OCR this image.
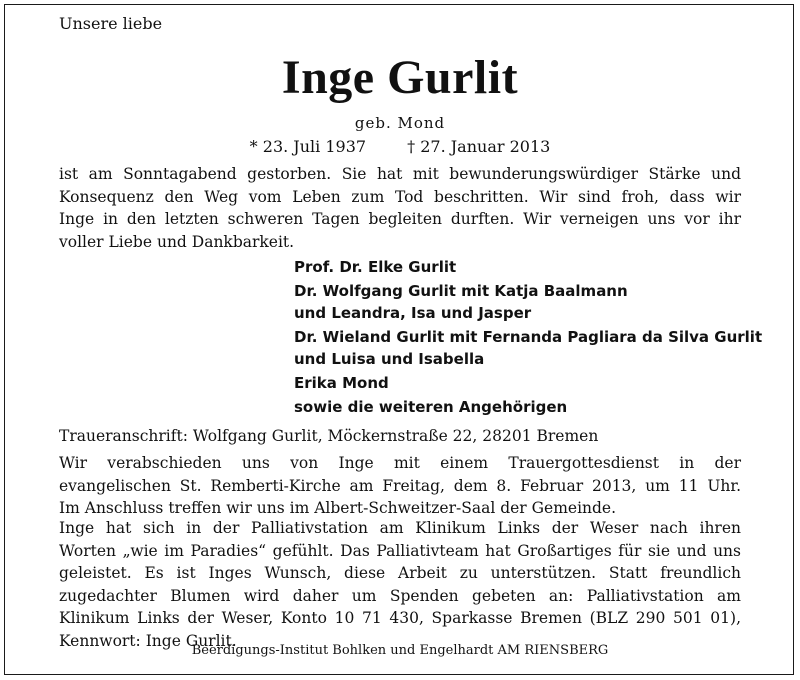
Unsere liebe
Inge Gurlit
geb. Mond
* 23. Juli 1937	† 27. Januar 2013
ist am Sonntagabend gestorben. Sie hat mit bewunderungswürdiger Stärke und
Konsequenz den Weg vom Leben zum Tod beschritten. Wir sind froh, dass wir
Inge in den letzten schweren Tagen begleiten durften. Wir verneigen uns vor ihr
voller Liebe und Dankbarkeit.
Prof. Dr. Elke Gurlit
Dr. Wolfgang Gurlit mit Katja Baalmann
und Leandra, Isa und Jasper
Dr. Wieland Gurlit mit Fernanda Pagliara da Silva Gurlit
und Luisa und Isabella
Erika Mond
sowie die weiteren Angehörigen
Traueranschrift: Wolfgang Gurlit, Möckernstraße 22, 28201 Bremen
Wir verabschieden uns von Inge mit einem Trauergottesdienst in der
evangelischen St. Remberti-Kirche am Freitag, dem 8. Februar 2013, um 11 Uhr.
Im Anschluss treffen wir uns im Albert-Schweitzer-Saal der Gemeinde.
Inge hat sich in der Palliativstation am Klinikum Links der Weser nach ihren
Worten „wie im Paradies“ gefühlt. Das Palliativteam hat Großartiges für sie und uns
geleistet. Es ist Inges Wunsch, diese Arbeit zu unterstützen. Statt freundlich
zugedachter Blumen wird daher um Spenden gebeten an: Palliativstation am
Klinikum Links der Weser, Konto 10 71 430, Sparkasse Bremen (BLZ 290 501 01),
Kennwort: Inge Gurlit.
Beerdigungs-Institut Bohlken und Engelhardt AM RIENSBERG
